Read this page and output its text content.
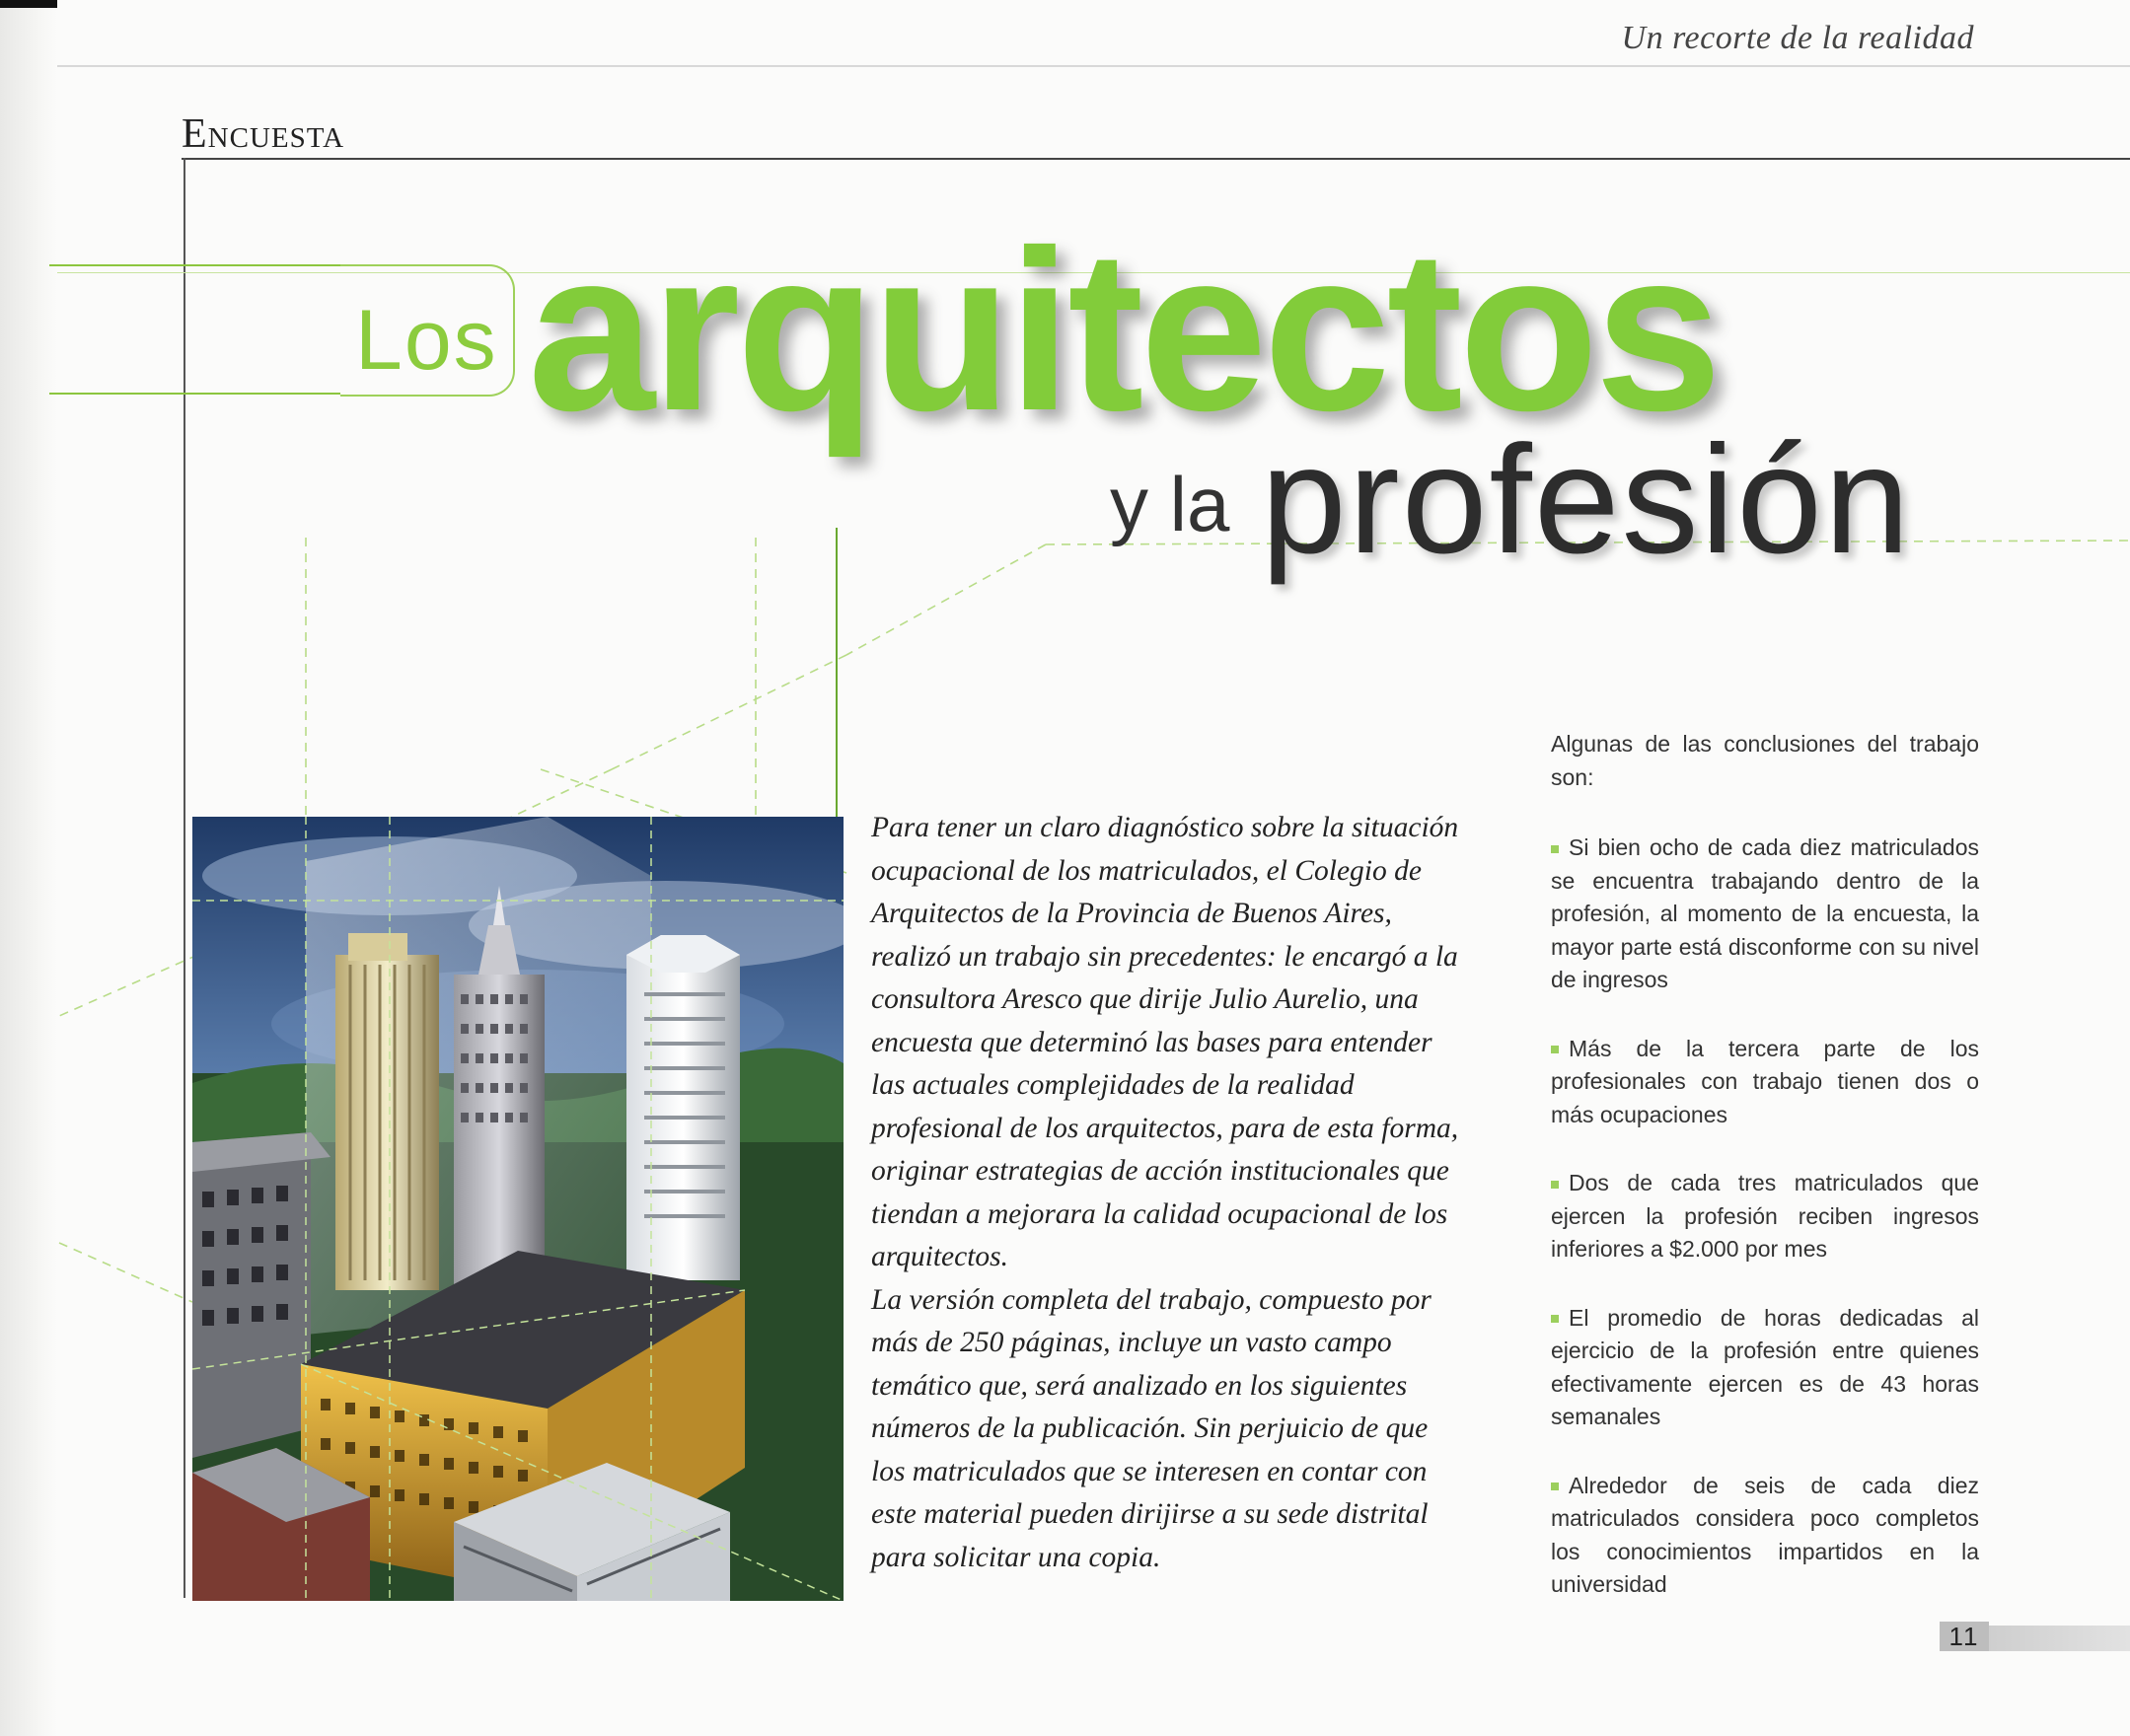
Un recorte de la realidad
Encuesta
Los arquitectos
y la profesión

Para tener un claro diagnóstico sobre la situación ocupacional de los matriculados, el Colegio de Arquitectos de la Provincia de Buenos Aires, realizó un trabajo sin precedentes: le encargó a la consultora Aresco que dirije Julio Aurelio, una encuesta que determinó las bases para entender las actuales complejidades de la realidad profesional de los arquitectos, para de esta forma, originar estrategias de acción institucionales que tiendan a mejorara la calidad ocupacional de los arquitectos.

La versión completa del trabajo, compuesto por más de 250 páginas, incluye un vasto campo temático que, será analizado en los siguientes números de la publicación. Sin perjuicio de que los matriculados que se interesen en contar con este material pueden dirijirse a su sede distrital para solicitar una copia.

Algunas de las conclusiones del trabajo son:

Si bien ocho de cada diez matriculados se encuentra trabajando dentro de la profesión, al momento de la encuesta, la mayor parte está disconforme con su nivel de ingresos

Más de la tercera parte de los profesionales con trabajo tienen dos o más ocupaciones

Dos de cada tres matriculados que ejercen la profesión reciben ingresos inferiores a $2.000 por mes

El promedio de horas dedicadas al ejercicio de la profesión entre quienes efectivamente ejercen es de 43 horas semanales

Alrededor de seis de cada diez matriculados considera poco completos los conocimientos impartidos en la universidad

11
